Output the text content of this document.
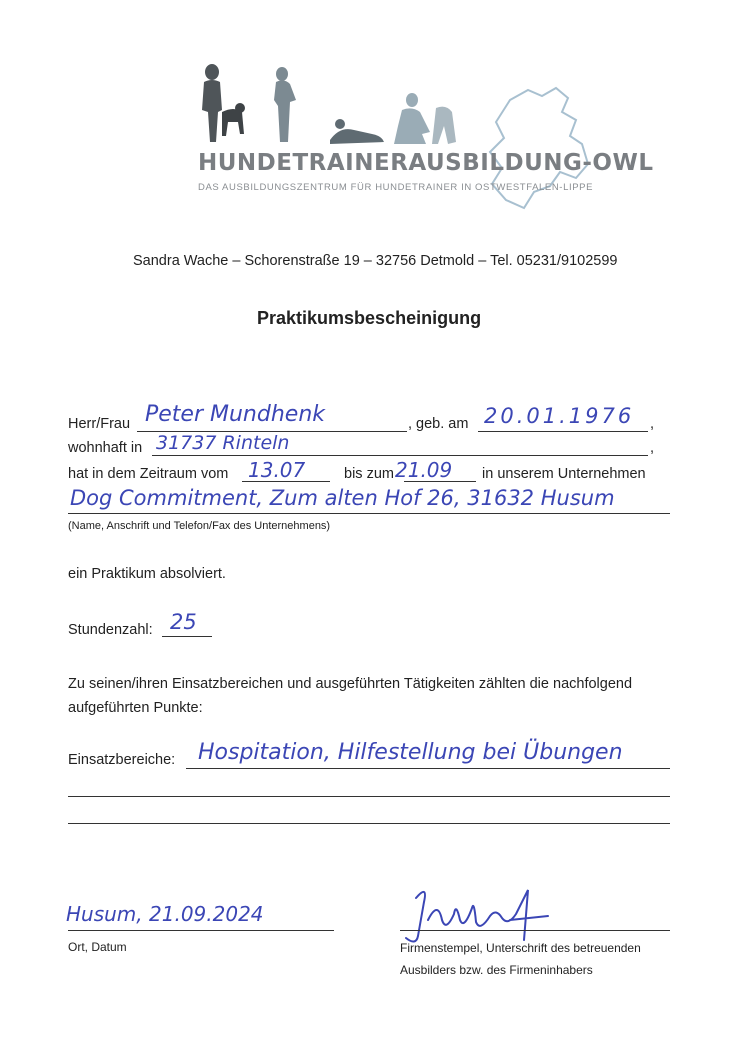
HUNDETRAINERAUSBILDUNG-OWL
DAS AUSBILDUNGSZENTRUM FÜR HUNDETRAINER IN OSTWESTFALEN-LIPPE
Sandra Wache – Schorenstraße 19 – 32756 Detmold – Tel. 05231/9102599
Praktikumsbescheinigung
Herr/Frau Peter Mundhenk	, geb. am 20.01.1976 ,
wohnhaft in 31737 Rinteln	,
hat in dem Zeitraum vom 13.07	bis zum 21.09 in unserem Unternehmen
Dog Commitment, Zum alten Hof 26, 31632 Husum
(Name, Anschrift und Telefon/Fax des Unternehmens)
ein Praktikum absolviert.
Stundenzahl: 25
Zu seinen/ihren Einsatzbereichen und ausgeführten Tätigkeiten zählten die nachfolgend
aufgeführten Punkte:
Einsatzbereiche: Hospitation, Hilfestellung bei Übungen
Husum, 21.09.2024
Ort, Datum	Firmenstempel, Unterschrift des betreuenden
Ausbilders bzw. des Firmeninhabers
